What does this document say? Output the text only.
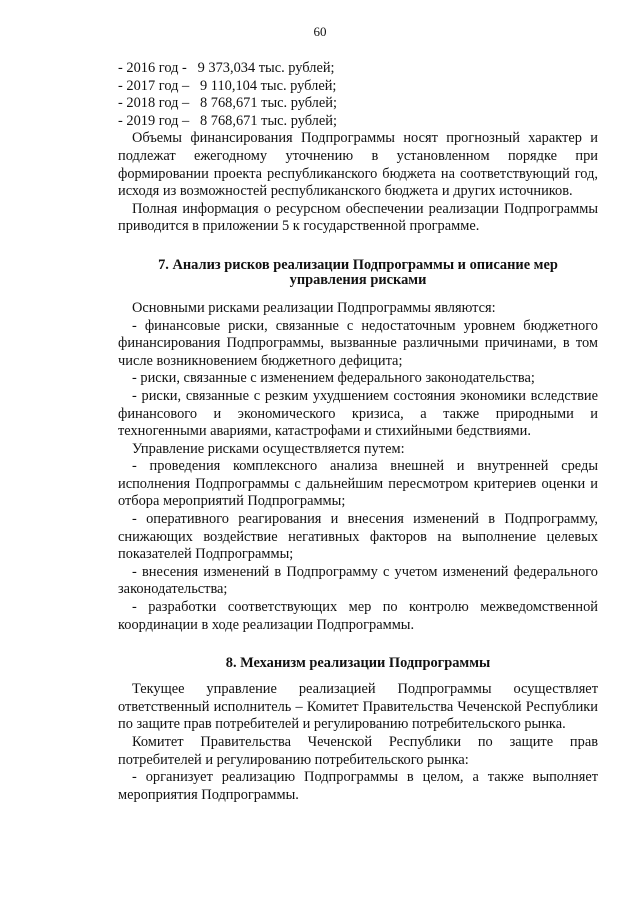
60
- 2016 год -   9 373,034 тыс. рублей;
- 2017 год –   9 110,104 тыс. рублей;
- 2018 год –   8 768,671 тыс. рублей;
- 2019 год –   8 768,671 тыс. рублей;

Объемы финансирования Подпрограммы носят прогнозный характер и подлежат ежегодному уточнению в установленном порядке при формировании проекта республиканского бюджета на соответствующий год, исходя из возможностей республиканского бюджета и других источников.

Полная информация о ресурсном обеспечении реализации Подпрограммы приводится в приложении 5 к государственной программе.

7. Анализ рисков реализации Подпрограммы и описание мер управления рисками

Основными рисками реализации Подпрограммы являются:

- финансовые риски, связанные с недостаточным уровнем бюджетного финансирования Подпрограммы, вызванные различными причинами, в том числе возникновением бюджетного дефицита;

- риски, связанные с изменением федерального законодательства;

- риски, связанные с резким ухудшением состояния экономики вследствие финансового и экономического кризиса, а также природными и техногенными авариями, катастрофами и стихийными бедствиями.

Управление рисками осуществляется путем:

- проведения комплексного анализа внешней и внутренней среды исполнения Подпрограммы с дальнейшим пересмотром критериев оценки и отбора мероприятий Подпрограммы;

- оперативного реагирования и внесения изменений в Подпрограмму, снижающих воздействие негативных факторов на выполнение целевых показателей Подпрограммы;

- внесения изменений в Подпрограмму с учетом изменений федерального законодательства;

- разработки соответствующих мер по контролю межведомственной координации в ходе реализации Подпрограммы.

8. Механизм реализации Подпрограммы

Текущее управление реализацией Подпрограммы осуществляет ответственный исполнитель – Комитет Правительства Чеченской Республики по защите прав потребителей и регулированию потребительского рынка.

Комитет Правительства Чеченской Республики по защите прав потребителей и регулированию потребительского рынка:

- организует реализацию Подпрограммы в целом, а также выполняет мероприятия Подпрограммы.
